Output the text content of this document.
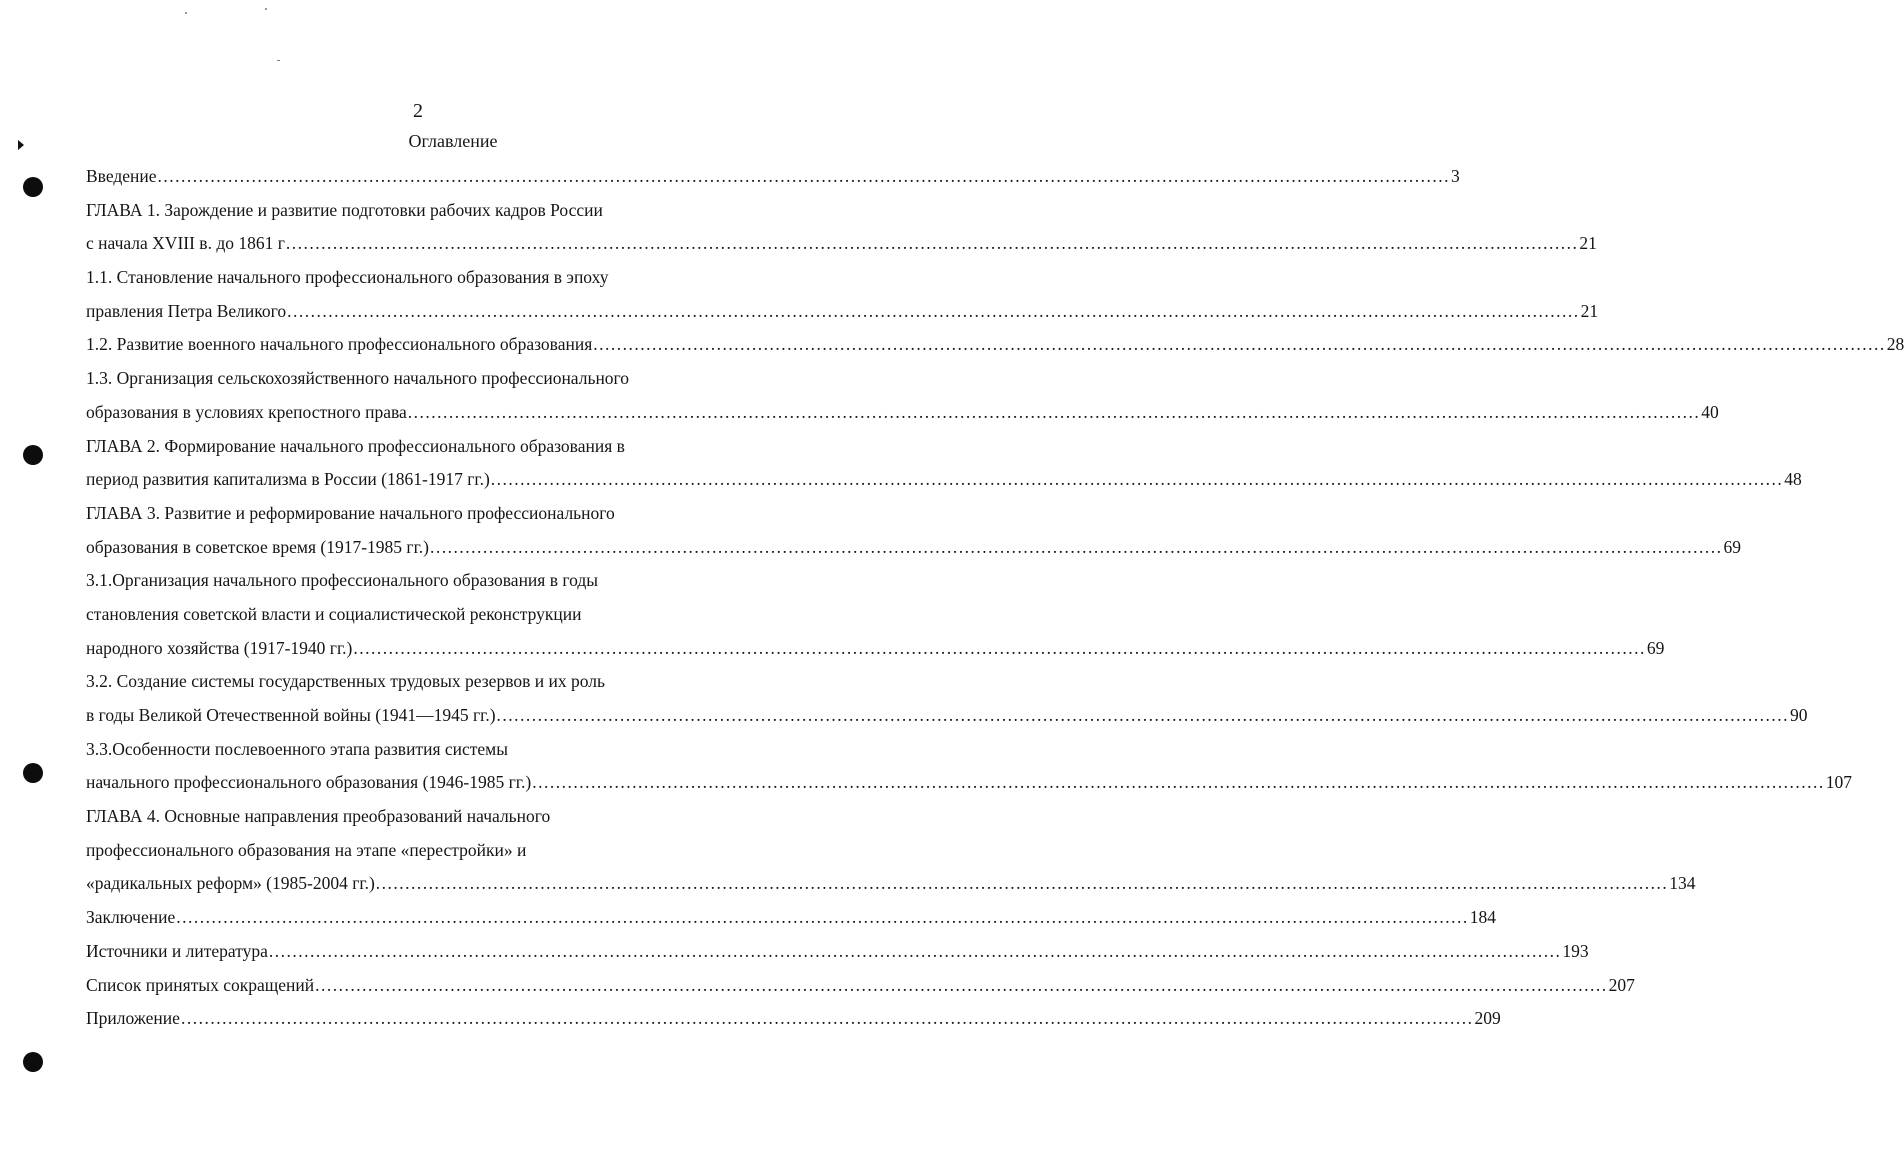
2
Оглавление
Введение ............................................................................................................................................................................................................................ 3
ГЛАВА 1. Зарождение и развитие подготовки рабочих кадров России
с начала XVIII в. до 1861 г ............................................................................................................................................................................................................................ 21
1.1. Становление начального профессионального образования в эпоху
правления Петра Великого ............................................................................................................................................................................................................................ 21
1.2. Развитие военного начального профессионального образования ............................................................................................................................................................................................................................ 28
1.3. Организация сельскохозяйственного начального профессионального
образования в условиях крепостного права ............................................................................................................................................................................................................................ 40
ГЛАВА 2. Формирование начального профессионального образования в
период развития капитализма в России (1861-1917 гг.) ............................................................................................................................................................................................................................ 48
ГЛАВА 3. Развитие и реформирование начального профессионального
образования в советское время (1917-1985 гг.) ............................................................................................................................................................................................................................ 69
3.1.Организация начального профессионального образования в годы
становления советской власти и социалистической реконструкции
народного хозяйства (1917-1940 гг.) ............................................................................................................................................................................................................................ 69
3.2. Создание системы государственных трудовых резервов и их роль
в годы Великой Отечественной войны (1941—1945 гг.) ............................................................................................................................................................................................................................ 90
3.3.Особенности послевоенного этапа развития системы
начального профессионального образования (1946-1985 гг.) ............................................................................................................................................................................................................................ 107
ГЛАВА 4. Основные направления преобразований начального
профессионального образования на этапе «перестройки» и
«радикальных реформ» (1985-2004 гг.) ............................................................................................................................................................................................................................ 134
Заключение ............................................................................................................................................................................................................................ 184
Источники и литература ............................................................................................................................................................................................................................ 193
Список принятых сокращений ............................................................................................................................................................................................................................ 207
Приложение ............................................................................................................................................................................................................................ 209
